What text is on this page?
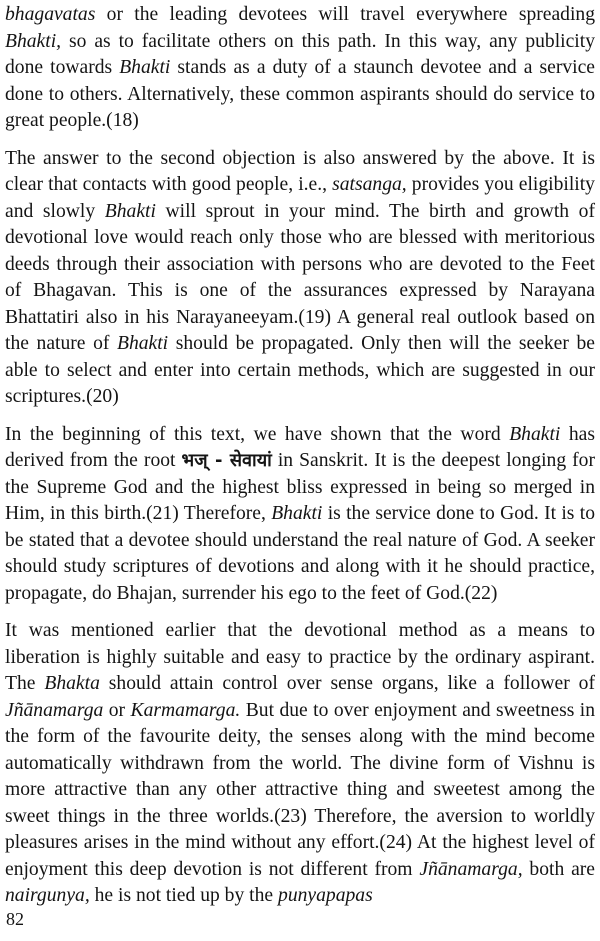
bhagavatas or the leading devotees will travel everywhere spreading Bhakti, so as to facilitate others on this path. In this way, any publicity done towards Bhakti stands as a duty of a staunch devotee and a service done to others. Alternatively, these common aspirants should do service to great people.(18)

The answer to the second objection is also answered by the above. It is clear that contacts with good people, i.e., satsanga, provides you eligibility and slowly Bhakti will sprout in your mind. The birth and growth of devotional love would reach only those who are blessed with meritorious deeds through their association with persons who are devoted to the Feet of Bhagavan. This is one of the assurances expressed by Narayana Bhattatiri also in his Narayaneeyam.(19) A general real outlook based on the nature of Bhakti should be propagated. Only then will the seeker be able to select and enter into certain methods, which are suggested in our scriptures.(20)

In the beginning of this text, we have shown that the word Bhakti has derived from the root भज् - सेवायां in Sanskrit. It is the deepest longing for the Supreme God and the highest bliss expressed in being so merged in Him, in this birth.(21) Therefore, Bhakti is the service done to God. It is to be stated that a devotee should understand the real nature of God. A seeker should study scriptures of devotions and along with it he should practice, propagate, do Bhajan, surrender his ego to the feet of God.(22)

It was mentioned earlier that the devotional method as a means to liberation is highly suitable and easy to practice by the ordinary aspirant. The Bhakta should attain control over sense organs, like a follower of Jñānamarga or Karmamarga. But due to over enjoyment and sweetness in the form of the favourite deity, the senses along with the mind become automatically withdrawn from the world. The divine form of Vishnu is more attractive than any other attractive thing and sweetest among the sweet things in the three worlds.(23) Therefore, the aversion to worldly pleasures arises in the mind without any effort.(24) At the highest level of enjoyment this deep devotion is not different from Jñānamarga, both are nairgunya, he is not tied up by the punyapapas

82
